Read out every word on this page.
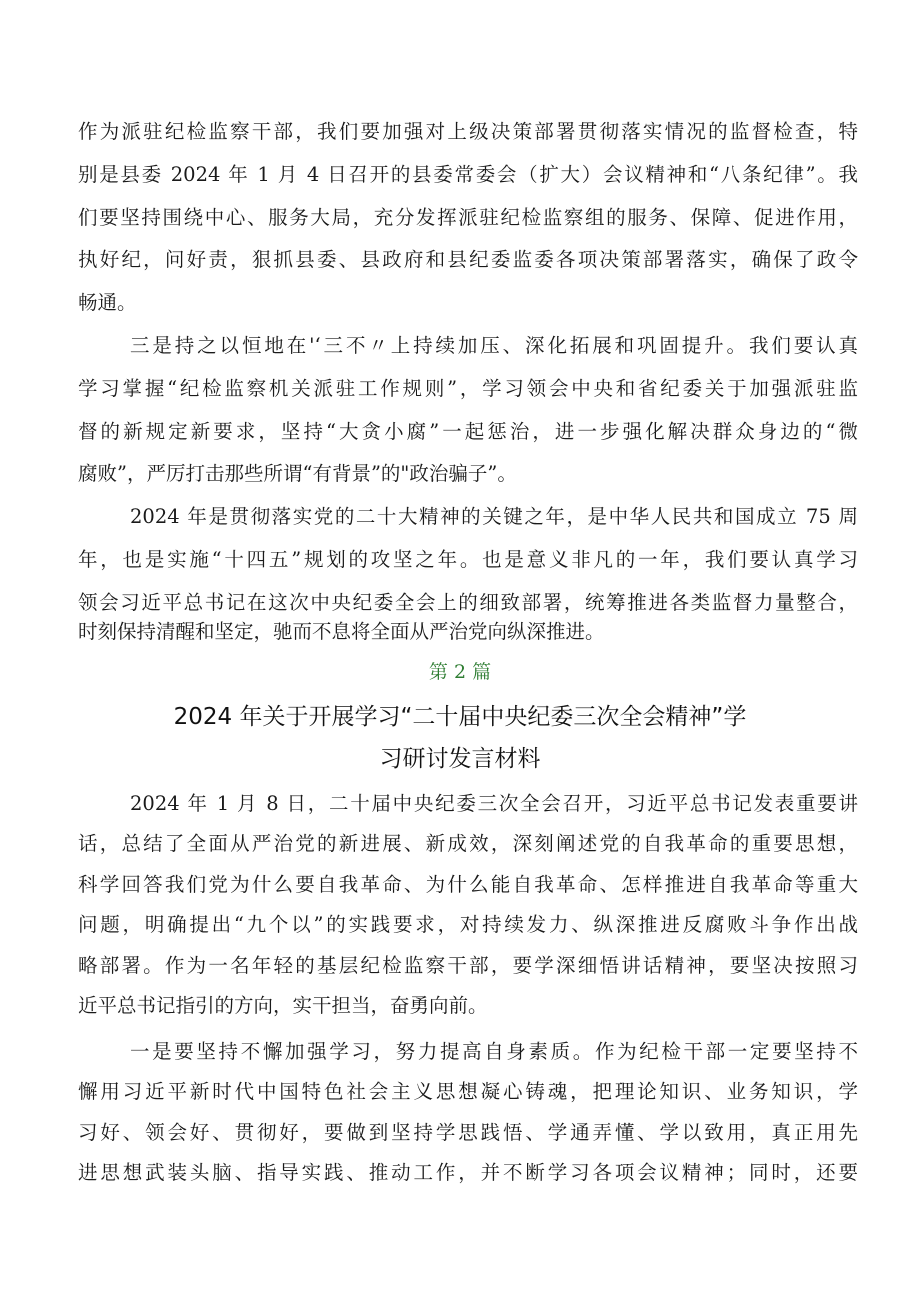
作为派驻纪检监察干部，我们要加强对上级决策部署贯彻落实情况的监督检查，特
别是县委 2024 年 1 月 4 日召开的县委常委会（扩大）会议精神和“八条纪律”。我
们要坚持围绕中心、服务大局，充分发挥派驻纪检监察组的服务、保障、促进作用，
执好纪，问好责，狠抓县委、县政府和县纪委监委各项决策部署落实，确保了政令
畅通。
三是持之以恒地在'‘三不〃上持续加压、深化拓展和巩固提升。我们要认真
学习掌握“纪检监察机关派驻工作规则”，学习领会中央和省纪委关于加强派驻监
督的新规定新要求，坚持“大贪小腐”一起惩治，进一步强化解决群众身边的“微
腐败”，严厉打击那些所谓“有背景”的"政治骗子”。
2024 年是贯彻落实党的二十大精神的关键之年，是中华人民共和国成立 75 周
年，也是实施“十四五”规划的攻坚之年。也是意义非凡的一年，我们要认真学习
领会习近平总书记在这次中央纪委全会上的细致部署，统筹推进各类监督力量整合，
时刻保持清醒和坚定，驰而不息将全面从严治党向纵深推进。
第 2 篇
2024 年关于开展学习“二十届中央纪委三次全会精神”学
习研讨发言材料
2024 年 1 月 8 日，二十届中央纪委三次全会召开，习近平总书记发表重要讲
话，总结了全面从严治党的新进展、新成效，深刻阐述党的自我革命的重要思想，
科学回答我们党为什么要自我革命、为什么能自我革命、怎样推进自我革命等重大
问题，明确提出“九个以”的实践要求，对持续发力、纵深推进反腐败斗争作出战
略部署。作为一名年轻的基层纪检监察干部，要学深细悟讲话精神，要坚决按照习
近平总书记指引的方向，实干担当，奋勇向前。
一是要坚持不懈加强学习，努力提高自身素质。作为纪检干部一定要坚持不
懈用习近平新时代中国特色社会主义思想凝心铸魂，把理论知识、业务知识，学
习好、领会好、贯彻好，要做到坚持学思践悟、学通弄懂、学以致用，真正用先
进思想武装头脑、指导实践、推动工作，并不断学习各项会议精神；同时，还要
